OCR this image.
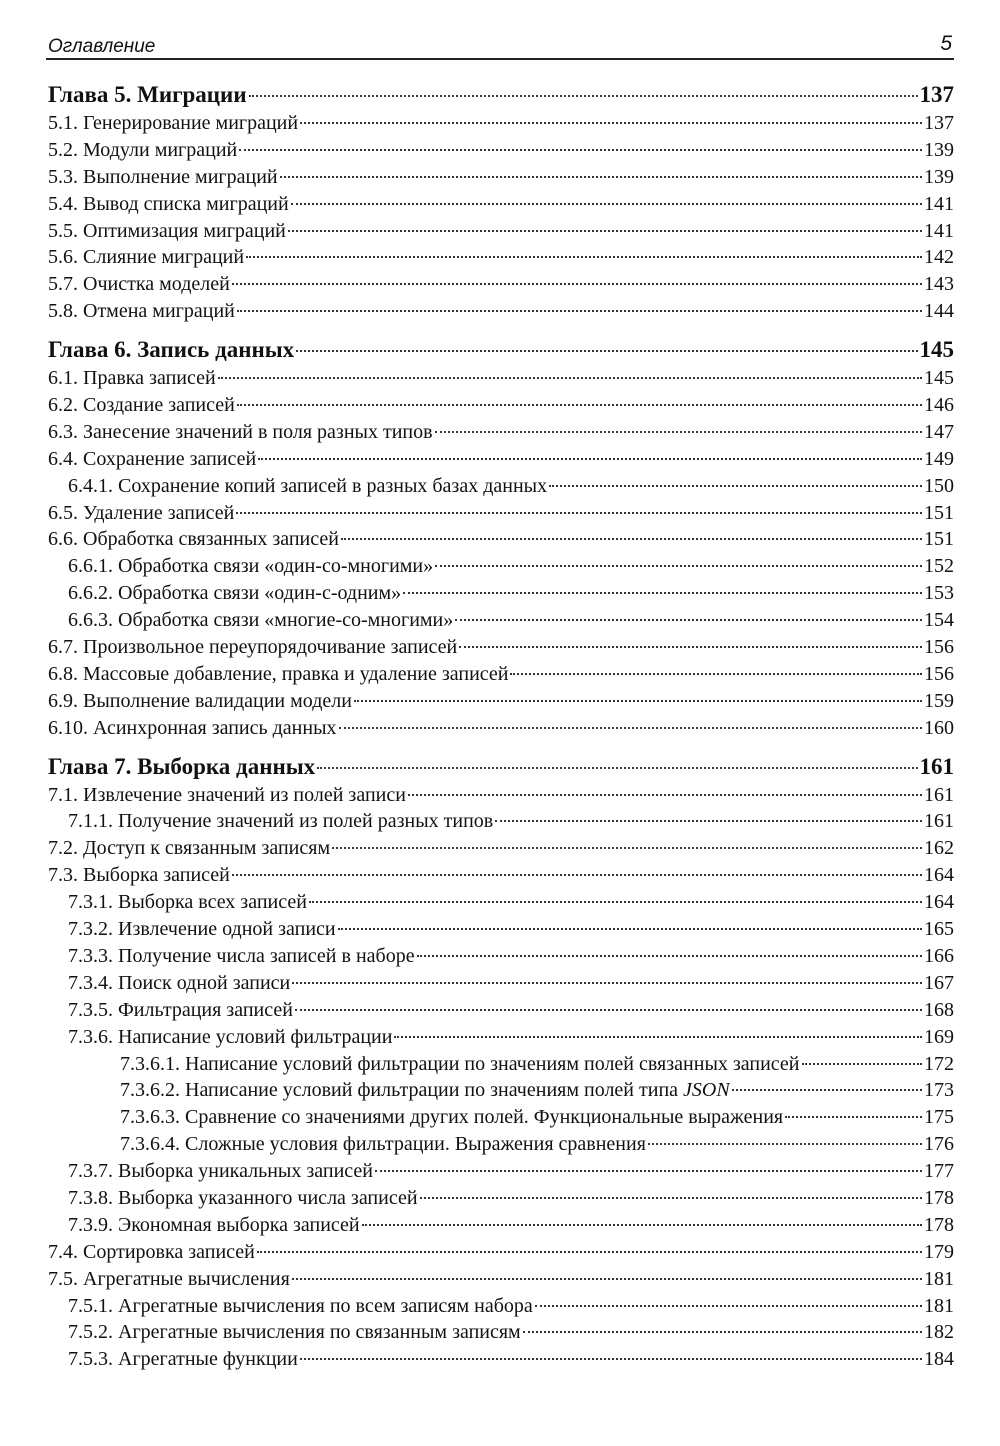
Оглавление	5
Глава 5. Миграции	137
5.1. Генерирование миграций	137
5.2. Модули миграций	139
5.3. Выполнение миграций	139
5.4. Вывод списка миграций	141
5.5. Оптимизация миграций	141
5.6. Слияние миграций	142
5.7. Очистка моделей	143
5.8. Отмена миграций	144
Глава 6. Запись данных	145
6.1. Правка записей	145
6.2. Создание записей	146
6.3. Занесение значений в поля разных типов	147
6.4. Сохранение записей	149
6.4.1. Сохранение копий записей в разных базах данных	150
6.5. Удаление записей	151
6.6. Обработка связанных записей	151
6.6.1. Обработка связи «один-со-многими»	152
6.6.2. Обработка связи «один-с-одним»	153
6.6.3. Обработка связи «многие-со-многими»	154
6.7. Произвольное переупорядочивание записей	156
6.8. Массовые добавление, правка и удаление записей	156
6.9. Выполнение валидации модели	159
6.10. Асинхронная запись данных	160
Глава 7. Выборка данных	161
7.1. Извлечение значений из полей записи	161
7.1.1. Получение значений из полей разных типов	161
7.2. Доступ к связанным записям	162
7.3. Выборка записей	164
7.3.1. Выборка всех записей	164
7.3.2. Извлечение одной записи	165
7.3.3. Получение числа записей в наборе	166
7.3.4. Поиск одной записи	167
7.3.5. Фильтрация записей	168
7.3.6. Написание условий фильтрации	169
7.3.6.1. Написание условий фильтрации по значениям полей связанных записей	172
7.3.6.2. Написание условий фильтрации по значениям полей типа JSON	173
7.3.6.3. Сравнение со значениями других полей. Функциональные выражения	175
7.3.6.4. Сложные условия фильтрации. Выражения сравнения	176
7.3.7. Выборка уникальных записей	177
7.3.8. Выборка указанного числа записей	178
7.3.9. Экономная выборка записей	178
7.4. Сортировка записей	179
7.5. Агрегатные вычисления	181
7.5.1. Агрегатные вычисления по всем записям набора	181
7.5.2. Агрегатные вычисления по связанным записям	182
7.5.3. Агрегатные функции	184
